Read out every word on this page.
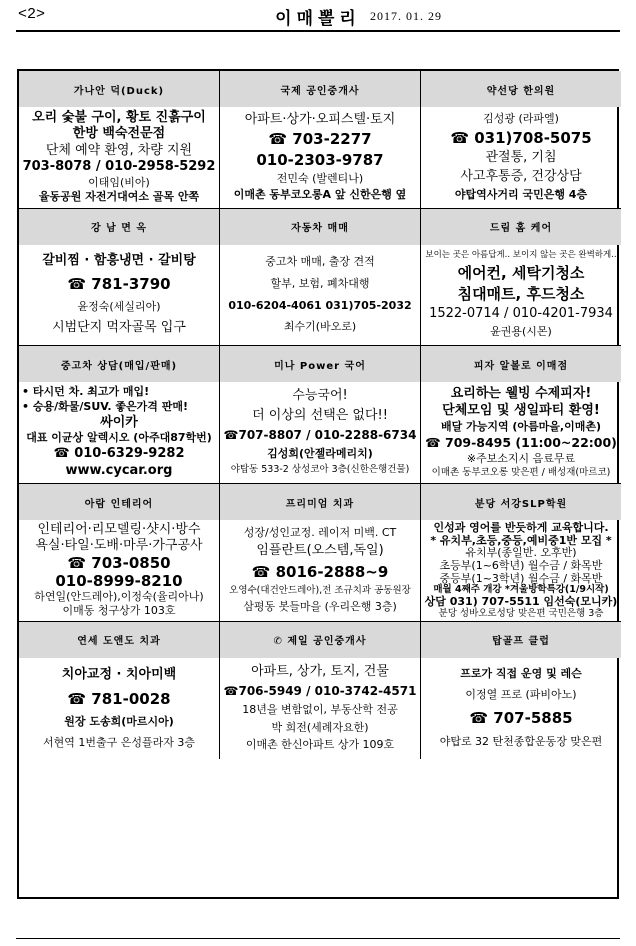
<2>	이매뽈리 2017. 01. 29
가나안 덕(Duck)
오리 숯불 구이, 황토 진흙구이
한방 백숙전문점
단체 예약 환영, 차량 지원
703-8078 / 010-2958-5292
이태임(비아)
율동공원 자전거대여소 골목 안쪽
국제 공인중개사
아파트·상가·오피스텔·토지
☎ 703-2277
010-2303-9787
전민숙 (발렌티나)
이매촌 동부코오롱A 앞 신한은행 옆
약선당 한의원
김성광 (라파엘)
☎ 031)708-5075
관절통, 기침
사고후통증, 건강상담
야탑역사거리 국민은행 4층
강 남 면 옥
갈비찜 · 함흥냉면 · 갈비탕
☎ 781-3790
윤정숙(세실리아)
시범단지 먹자골목 입구
자동차 매매
중고차 매매, 출장 견적
할부, 보험, 폐차대행
010-6204-4061 031)705-2032
최수기(바오로)
드림 홈 케어
보이는 곳은 아름답게.. 보이지 않는 곳은 완벽하게..
에어컨, 세탁기청소
침대매트, 후드청소
1522-0714 / 010-4201-7934
윤권용(시몬)
중고차 상담(매입/판매)
• 타시던 차. 최고가 매입!
• 승용/화물/SUV. 좋은가격 판매!
싸이카
대표 이균상 알렉시오 (아주대87학번)
☎ 010-6329-9282
www.cycar.org
미나 Power 국어
수능국어!
더 이상의 선택은 없다!!
☎707-8807 / 010-2288-6734
김성희(안젤라메리치)
야탑동 533-2 상성코아 3층(신한은행건물)
피자 알볼로 이매점
요리하는 웰빙 수제피자!
단체모임 및 생일파티 환영!
배달 가능지역 (아름마을,이매촌)
☎ 709-8495 (11:00~22:00)
※주보소지시 음료무료
이매촌 동부코오롱 맞은편 / 배성재(마르코)
아람 인테리어
인테리어·리모델링·샷시·방수
욕실·타일·도배·마루·가구공사
☎ 703-0850
010-8999-8210
하연일(안드레아),이정숙(율리아나)
이매동 청구상가 103호
프리미엄 치과
성장/성인교정. 레이저 미백. CT
임플란트(오스템,독일)
☎ 8016-2888~9
오영수(대건안드레아),전 조규치과 공동원장
삼평동 봇들마을 (우리은행 3층)
분당 서강SLP학원
인성과 영어를 반듯하게 교육합니다.
* 유치부,초등,중등,예비중1반 모집 *
유치부(종일반. 오후반)
초등부(1~6학년) 월수금 / 화목반
중등부(1~3학년) 월수금 / 화목반
매월 4째주 개강 *겨울방학특강(1/9시작)
상담 031) 707-5511 임선숙(모니카)
분당 성바오로성당 맞은편 국민은행 3층
연세 도앤도 치과
치아교정 · 치아미백
☎ 781-0028
원장 도송희(마르시아)
서현역 1번출구 은성플라자 3층
✆ 제일 공인중개사
아파트, 상가, 토지, 건물
☎706-5949 / 010-3742-4571
18년을 변함없이, 부동산학 전공
박 희전(세례자요한)
이매촌 한신아파트 상가 109호
탑골프 클럽
프로가 직접 운영 및 레슨
이정열 프로 (파비아노)
☎ 707-5885
야탑로 32 탄천종합운동장 맞은편
